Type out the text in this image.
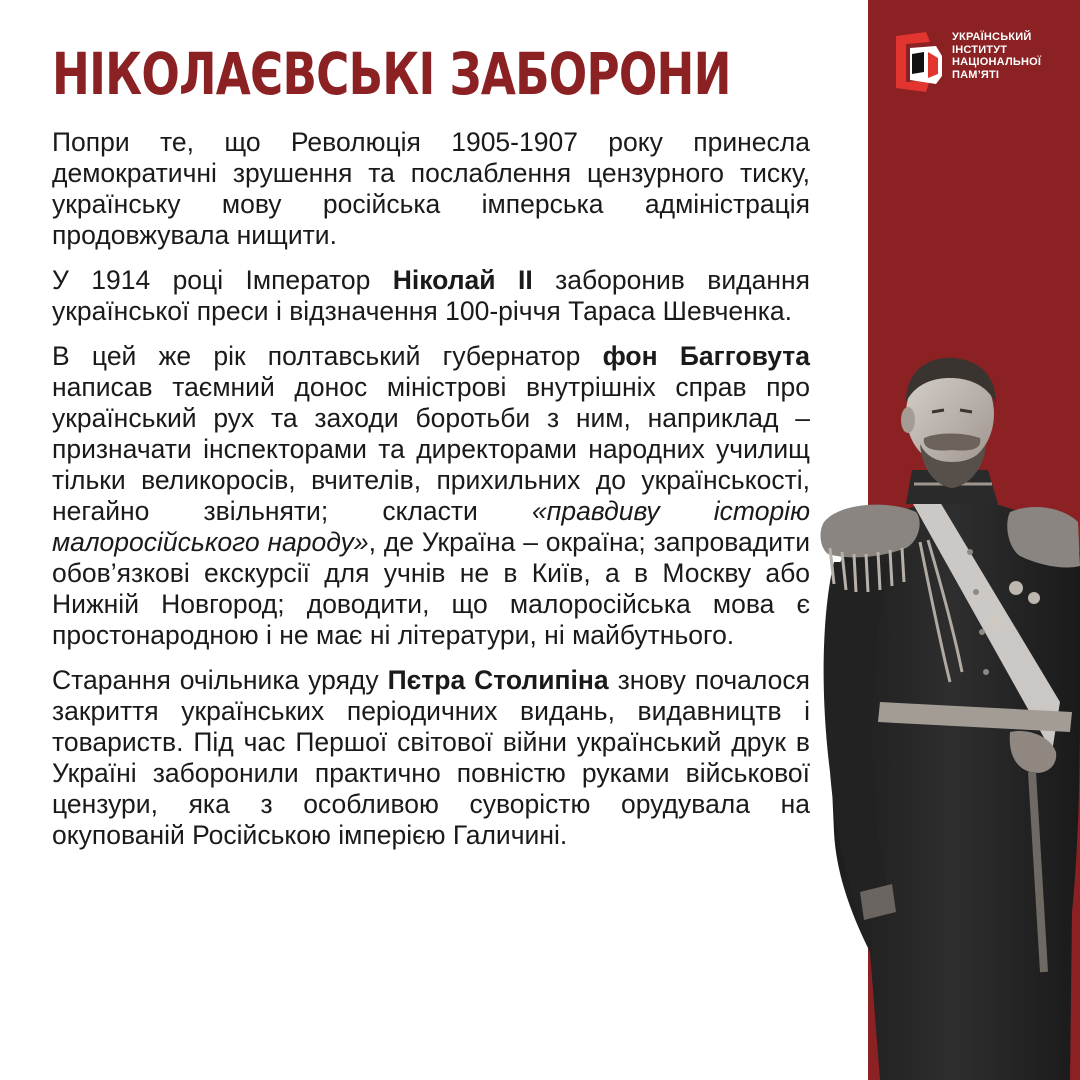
НІКОЛАЄВСЬКІ ЗАБОРОНИ

Попри те, що Революція 1905-1907 року принесла демократичні зрушення та послаблення цензурного тиску, українську мову російська імперська адміністрація продовжувала нищити.

У 1914 році Імператор Ніколай ІІ заборонив видання української преси і відзначення 100-річчя Тараса Шевченка.

В цей же рік полтавський губернатор фон Багговута написав таємний донос міністрові внутрішніх справ про український рух та заходи боротьби з ним, наприклад – призначати інспекторами та директорами народних училищ тільки великоросів, вчителів, прихильних до українськості, негайно звільняти; скласти «правдиву історію малоросійського народу», де Україна – окраїна; запровадити обов’язкові екскурсії для учнів не в Київ, а в Москву або Нижній Новгород; доводити, що малоросійська мова є простонародною і не має ні літератури, ні майбутнього.

Старання очільника уряду Пєтра Столипіна знову почалося закриття українських періодичних видань, видавництв і товариств. Під час Першої світової війни український друк в Україні заборонили практично повністю руками військової цензури, яка з особливою суворістю орудувала на окупованій Російською імперією Галичині.

УКРАЇНСЬКИЙ
ІНСТИТУТ
НАЦІОНАЛЬНОЇ
ПАМ’ЯТІ
